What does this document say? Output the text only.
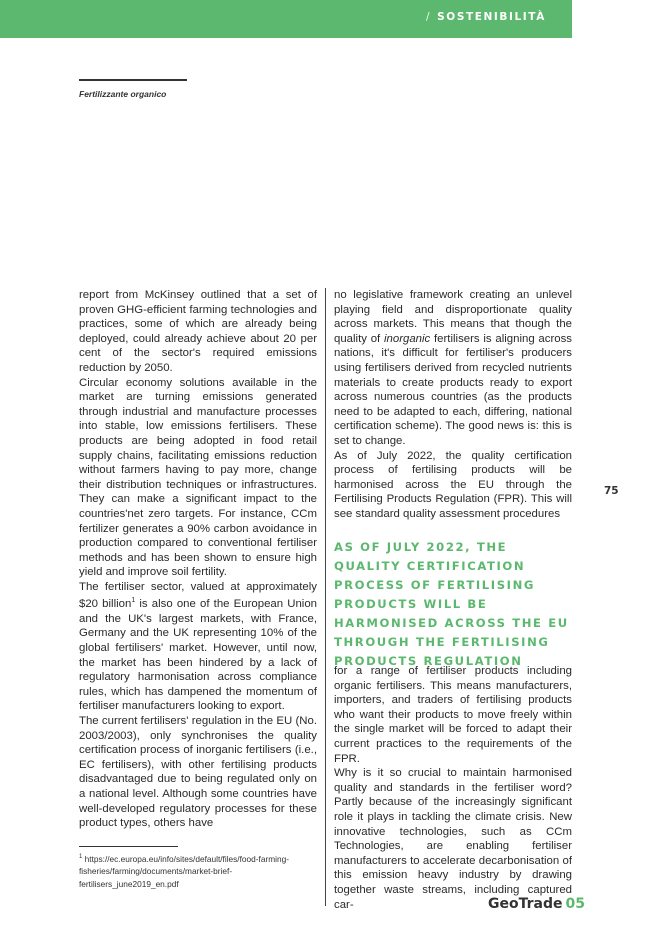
/ SOSTENIBILITÀ
Fertilizzante organico

report from McKinsey outlined that a set of proven GHG-efficient farming technologies and practices, some of which are already being deployed, could already achieve about 20 per cent of the sector's required emissions reduction by 2050.

Circular economy solutions available in the market are turning emissions generated through industrial and manufacture processes into stable, low emissions fertilisers. These products are being adopted in food retail supply chains, facilitating emissions reduction without farmers having to pay more, change their distribution techniques or infrastructures. They can make a significant impact to the countries'net zero targets. For instance, CCm fertilizer generates a 90% carbon avoidance in production compared to conventional fertiliser methods and has been shown to ensure high yield and improve soil fertility.

The fertiliser sector, valued at approximately $20 billion$^1$ is also one of the European Union and the UK's largest markets, with France, Germany and the UK representing 10% of the global fertilisers' market. However, until now, the market has been hindered by a lack of regulatory harmonisation across compliance rules, which has dampened the momentum of fertiliser manufacturers looking to export.

The current fertilisers' regulation in the EU (No. 2003/2003), only synchronises the quality certification process of inorganic fertilisers (i.e., EC fertilisers), with other fertilising products disadvantaged due to being regulated only on a national level. Although some countries have well-developed regulatory processes for these product types, others have

no legislative framework creating an unlevel playing field and disproportionate quality across markets. This means that though the quality of inorganic fertilisers is aligning across nations, it's difficult for fertiliser's producers using fertilisers derived from recycled nutrients materials to create products ready to export across numerous countries (as the products need to be adapted to each, differing, national certification scheme). The good news is: this is set to change.

As of July 2022, the quality certification process of fertilising products will be harmonised across the EU through the Fertilising Products Regulation (FPR). This will see standard quality assessment procedures

AS OF JULY 2022, THE QUALITY CERTIFICATION PROCESS OF FERTILISING PRODUCTS WILL BE HARMONISED ACROSS THE EU THROUGH THE FERTILISING PRODUCTS REGULATION

for a range of fertiliser products including organic fertilisers. This means manufacturers, importers, and traders of fertilising products who want their products to move freely within the single market will be forced to adapt their current practices to the requirements of the FPR.

Why is it so crucial to maintain harmonised quality and standards in the fertiliser word? Partly because of the increasingly significant role it plays in tackling the climate crisis. New innovative technologies, such as CCm Technologies, are enabling fertiliser manufacturers to accelerate decarbonisation of this emission heavy industry by drawing together waste streams, including captured car-

75
$^1$ https://ec.europa.eu/info/sites/default/files/food-farming-fisheries/farming/documents/market-brief-fertilisers_june2019_en.pdf
GeoTrade 05
